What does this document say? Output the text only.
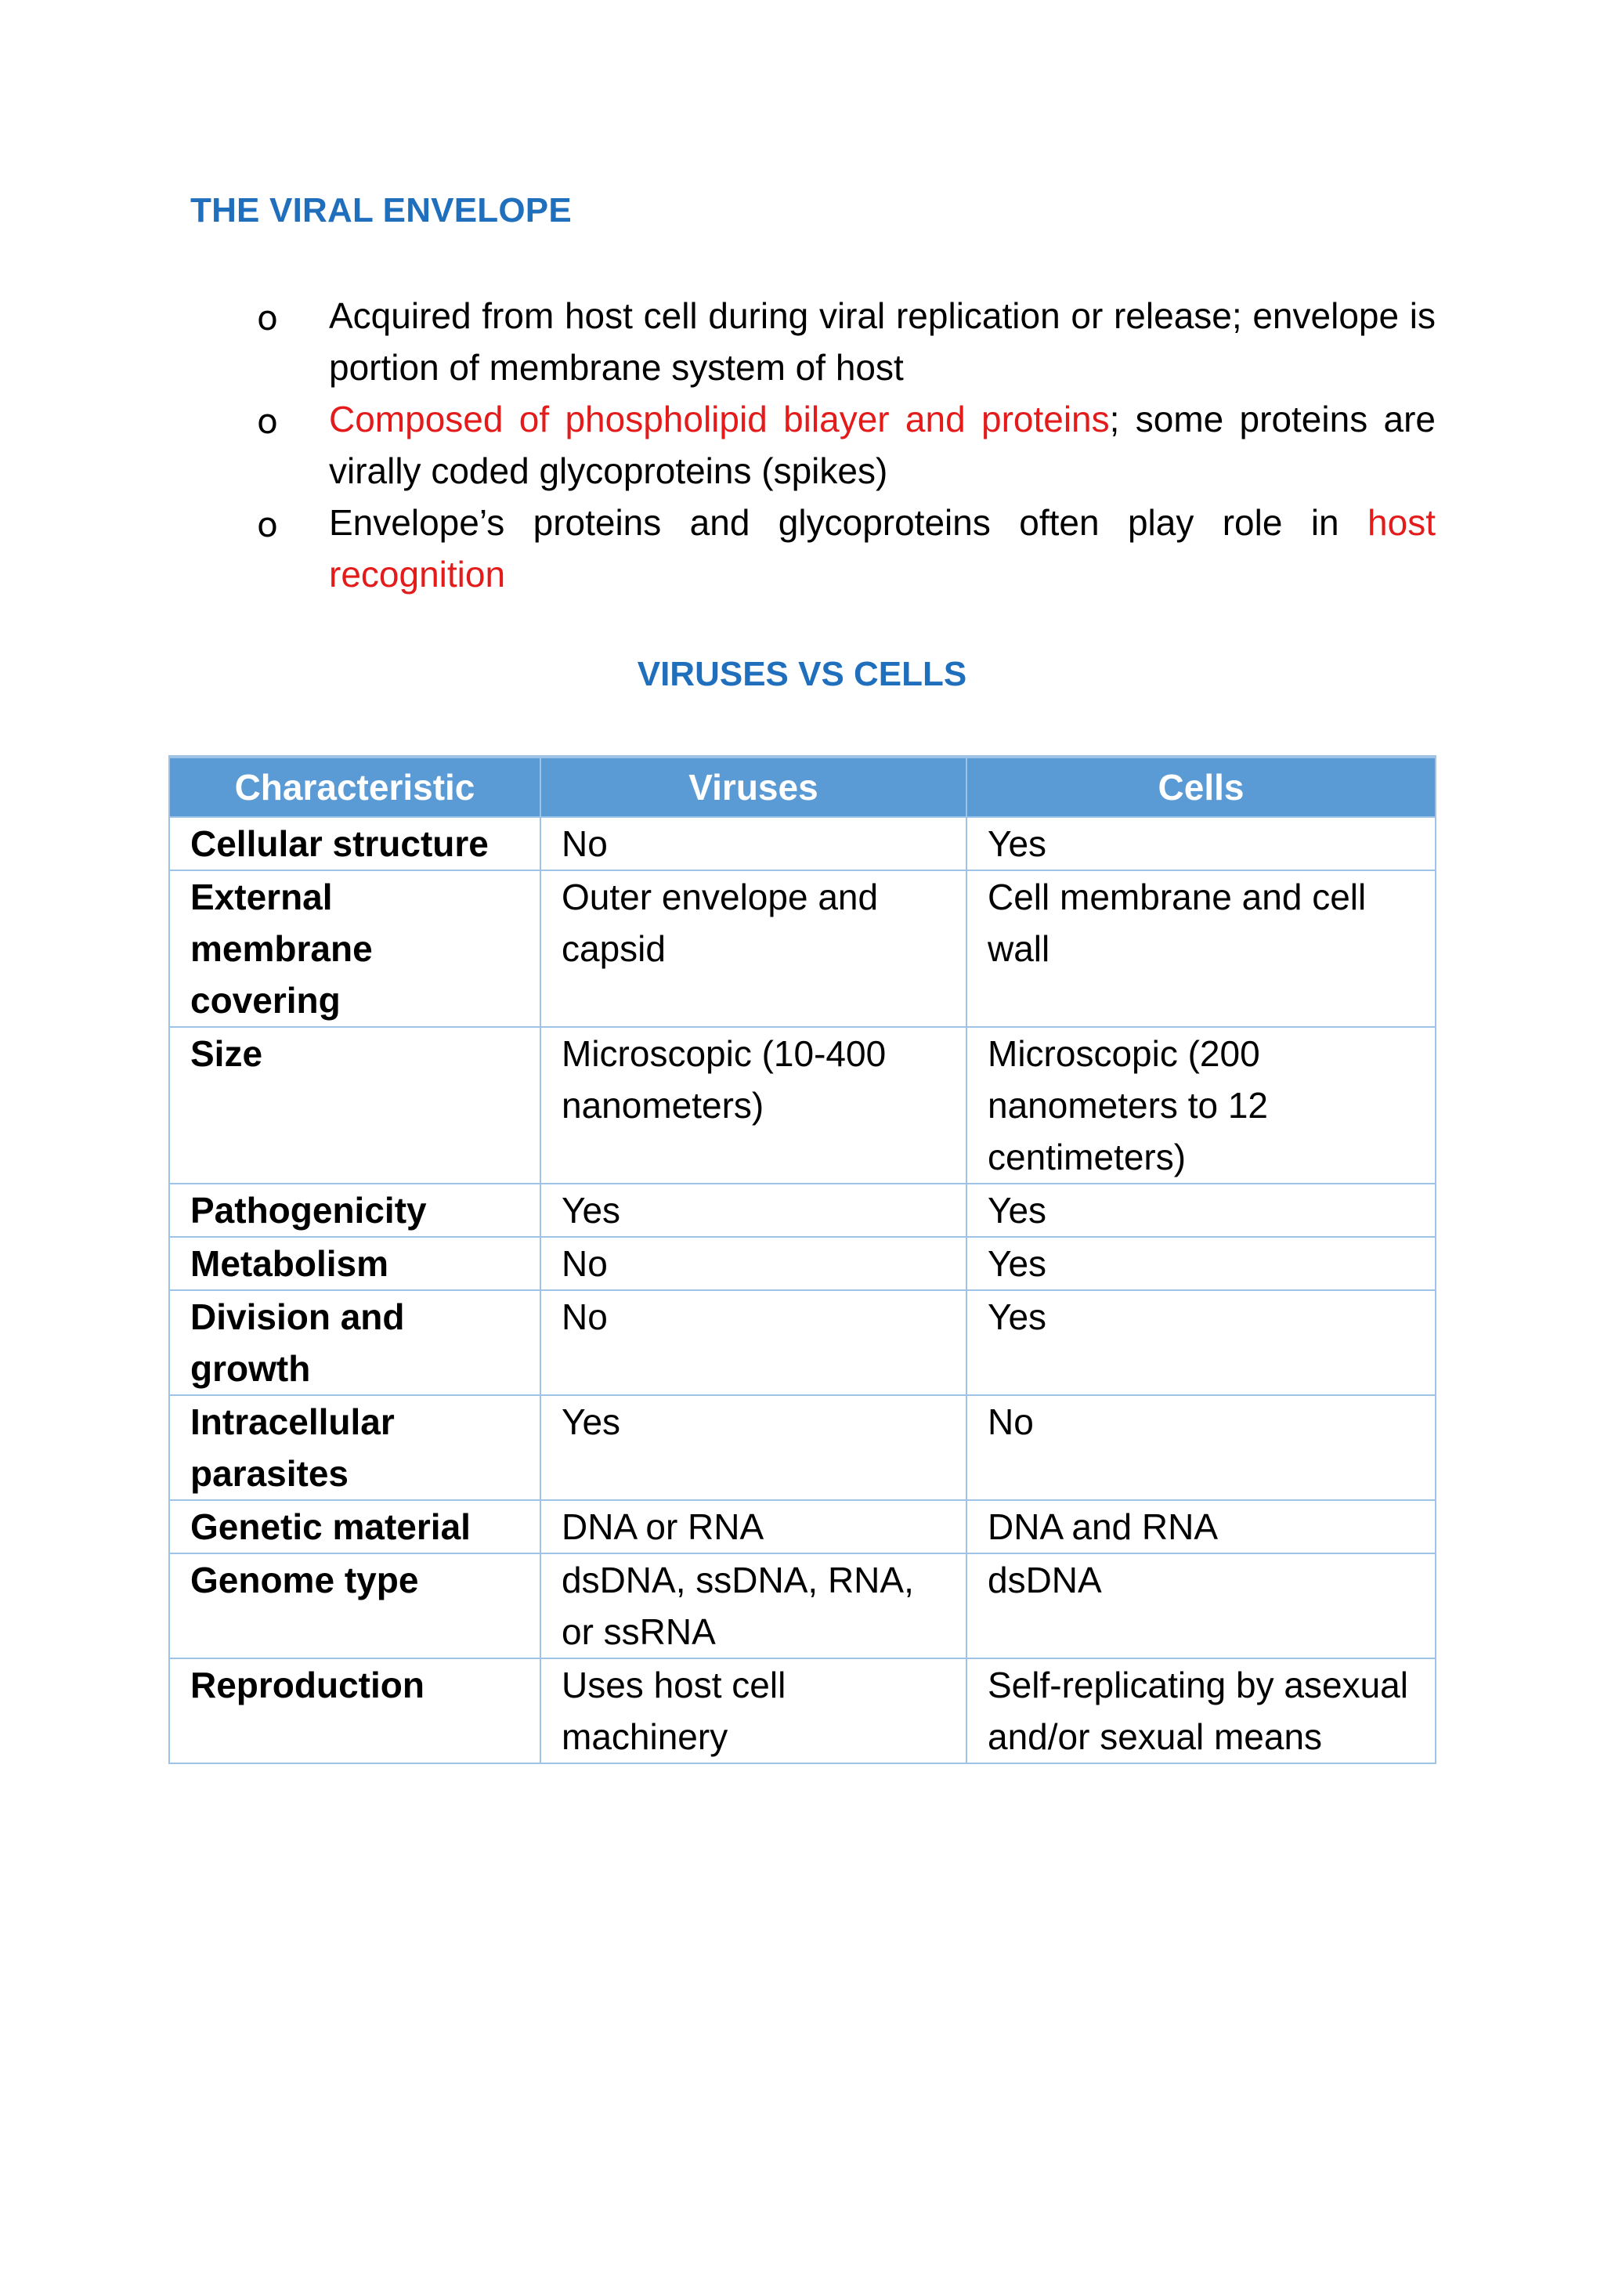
THE VIRAL ENVELOPE
o Acquired from host cell during viral replication or release; envelope is portion of membrane system of host
o Composed of phospholipid bilayer and proteins; some proteins are virally coded glycoproteins (spikes)
o Envelope’s proteins and glycoproteins often play role in host recognition
VIRUSES VS CELLS
Characteristic	Viruses	Cells
Cellular structure	No	Yes
External membrane covering	Outer envelope and capsid	Cell membrane and cell wall
Size	Microscopic (10-400 nanometers)	Microscopic (200 nanometers to 12 centimeters)
Pathogenicity	Yes	Yes
Metabolism	No	Yes
Division and growth	No	Yes
Intracellular parasites	Yes	No
Genetic material	DNA or RNA	DNA and RNA
Genome type	dsDNA, ssDNA, RNA, or ssRNA	dsDNA
Reproduction	Uses host cell machinery	Self-replicating by asexual and/or sexual means
